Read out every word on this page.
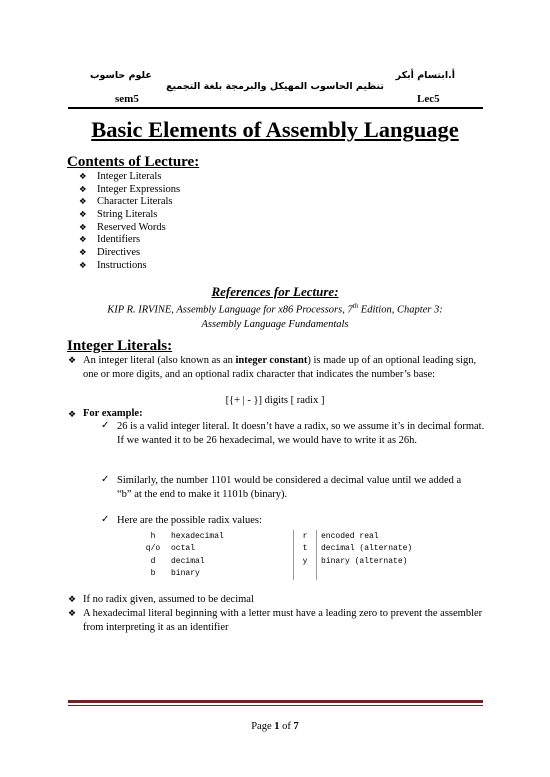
علوم حاسوب	أ.ابتسام أبكر
تنظيم الحاسوب المهيكل والبرمجة بلغة التجميع
sem5	Lec5
Basic Elements of Assembly Language
Contents of Lecture:
❖ Integer Literals
❖ Integer Expressions
❖ Character Literals
❖ String Literals
❖ Reserved Words
❖ Identifiers
❖ Directives
❖ Instructions
References for Lecture:
KIP R. IRVINE, Assembly Language for x86 Processors, 7th Edition, Chapter 3:
Assembly Language Fundamentals
Integer Literals:
❖ An integer literal (also known as an integer constant) is made up of an optional leading sign, one or more digits, and an optional radix character that indicates the number’s base:
[{+ | - }] digits [ radix ]
❖ For example:
✓ 26 is a valid integer literal. It doesn’t have a radix, so we assume it’s in decimal format. If we wanted it to be 26 hexadecimal, we would have to write it as 26h.
✓ Similarly, the number 1101 would be considered a decimal value until we added a “b” at the end to make it 1101b (binary).
✓ Here are the possible radix values:
h	hexadecimal	r	encoded real
q/o	octal	t	decimal (alternate)
d	decimal	y	binary (alternate)
b	binary		
❖ If no radix given, assumed to be decimal
❖ A hexadecimal literal beginning with a letter must have a leading zero to prevent the assembler from interpreting it as an identifier
Page 1 of 7
